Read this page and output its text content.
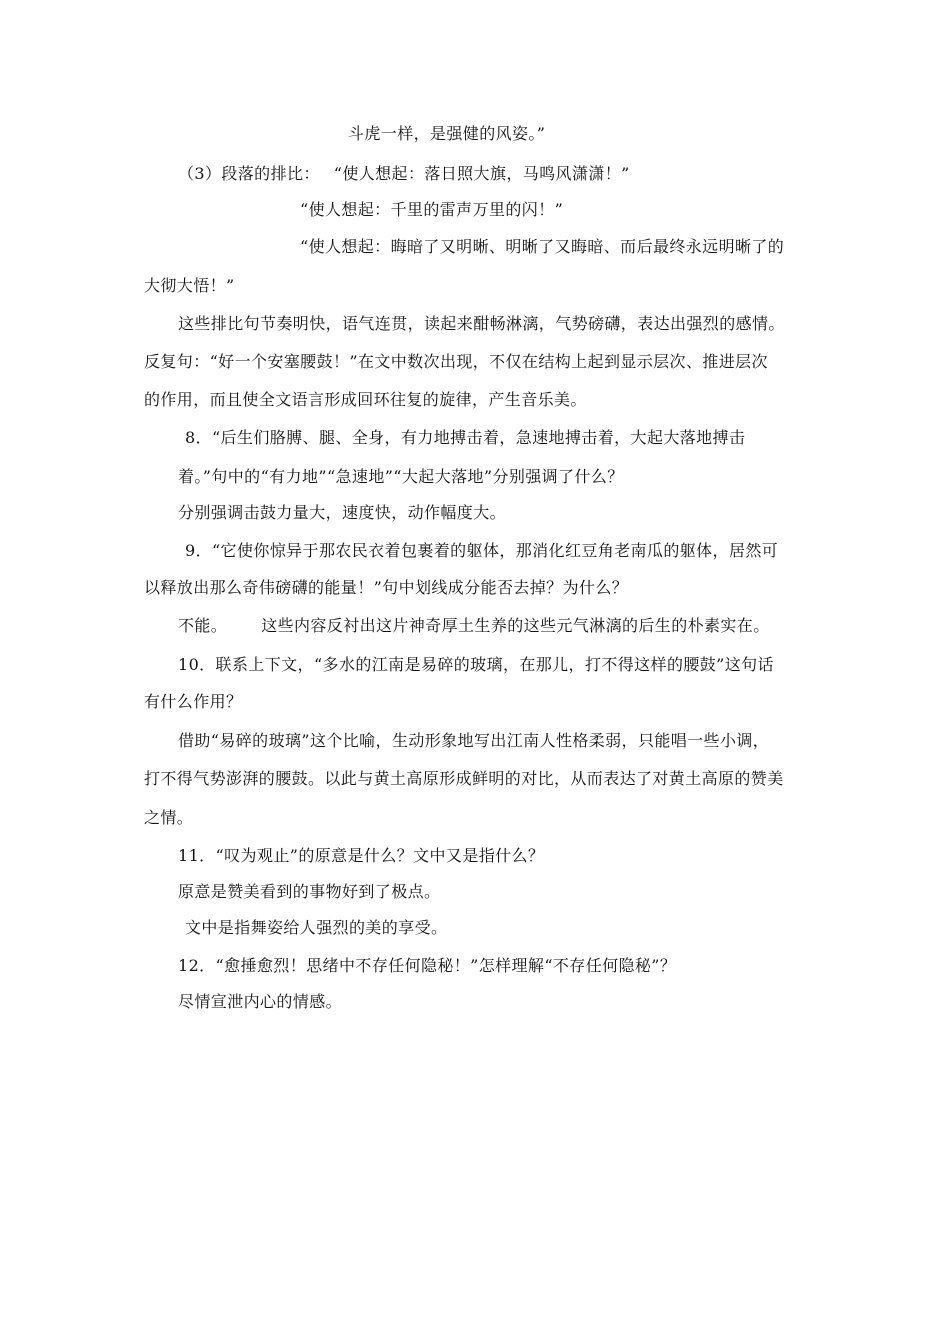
斗虎一样，是强健的风姿。”
（3）段落的排比： “使人想起：落日照大旗，马鸣风潇潇！”
“使人想起：千里的雷声万里的闪！”
“使人想起：晦暗了又明晰、明晰了又晦暗、而后最终永远明晰了的
大彻大悟！”
这些排比句节奏明快，语气连贯，读起来酣畅淋漓，气势磅礴，表达出强烈的感情。
反复句：“好一个安塞腰鼓！”在文中数次出现，不仅在结构上起到显示层次、推进层次
的作用，而且使全文语言形成回环往复的旋律，产生音乐美。
8．“后生们胳膊、腿、全身，有力地搏击着，急速地搏击着，大起大落地搏击
着。”句中的“有力地”“急速地”“大起大落地”分别强调了什么？
分别强调击鼓力量大，速度快，动作幅度大。
9．“它使你惊异于那农民衣着包裹着的躯体，那消化红豆角老南瓜的躯体，居然可
以释放出那么奇伟磅礴的能量！”句中划线成分能否去掉？为什么？
不能。 这些内容反衬出这片神奇厚土生养的这些元气淋漓的后生的朴素实在。
10．联系上下文，“多水的江南是易碎的玻璃，在那儿，打不得这样的腰鼓”这句话
有什么作用？
借助“易碎的玻璃”这个比喻，生动形象地写出江南人性格柔弱，只能唱一些小调，
打不得气势澎湃的腰鼓。以此与黄土高原形成鲜明的对比，从而表达了对黄土高原的赞美
之情。
11．“叹为观止”的原意是什么？文中又是指什么？
原意是赞美看到的事物好到了极点。
文中是指舞姿给人强烈的美的享受。
12．“愈捶愈烈！思绪中不存任何隐秘！”怎样理解“不存任何隐秘”？
尽情宣泄内心的情感。
